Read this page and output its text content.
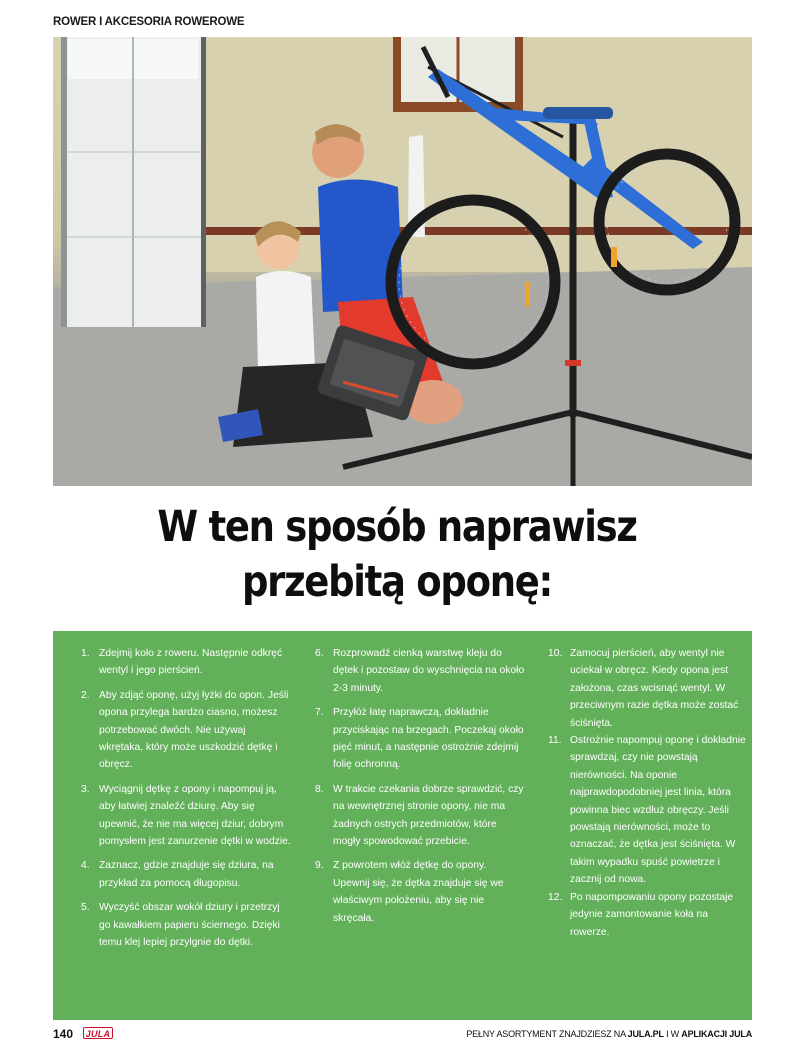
ROWER I AKCESORIA ROWEROWE
W ten sposób naprawisz
przebitą oponę:
1. Zdejmij koło z roweru. Następnie odkręć wentyl i jego pierścień.
2. Aby zdjąć oponę, użyj łyżki do opon. Jeśli opona przylega bardzo ciasno, możesz potrzebować dwóch. Nie używaj wkrętaka, który może uszkodzić dętkę i obręcz.
3. Wyciągnij dętkę z opony i napompuj ją, aby łatwiej znaleźć dziurę. Aby się upewnić, że nie ma więcej dziur, dobrym pomysłem jest zanurzenie dętki w wodzie.
4. Zaznacz, gdzie znajduje się dziura, na przykład za pomocą długopisu.
5. Wyczyść obszar wokół dziury i przetrzyj go kawałkiem papieru ściernego. Dzięki temu klej lepiej przylgnie do dętki.
6. Rozprowadź cienką warstwę kleju do dętek i pozostaw do wyschnięcia na około 2-3 minuty.
7. Przyłóż łatę naprawczą, dokładnie przyciskając na brzegach. Poczekaj około pięć minut, a następnie ostrożnie zdejmij folię ochronną.
8. W trakcie czekania dobrze sprawdzić, czy na wewnętrznej stronie opony, nie ma żadnych ostrych przedmiotów, które mogły spowodować przebicie.
9. Z powrotem włóż dętkę do opony. Upewnij się, że dętka znajduje się we właściwym położeniu, aby się nie skręcała.
10. Zamocuj pierścień, aby wentyl nie uciekał w obręcz. Kiedy opona jest założona, czas wcisnąć wentyl. W przeciwnym razie dętka może zostać ściśnięta.
11. Ostrożnie napompuj oponę i dokładnie sprawdzaj, czy nie powstają nierówności. Na oponie najprawdopodobniej jest linia, która powinna biec wzdłuż obręczy. Jeśli powstają nierówności, może to oznaczać, że dętka jest ściśnięta. W takim wypadku spuść powietrze i zacznij od nowa.
12. Po napompowaniu opony pozostaje jedynie zamontowanie koła na rowerze.
140 JULA	PEŁNY ASORTYMENT ZNAJDZIESZ NA JULA.PL I W APLIKACJI JULA
